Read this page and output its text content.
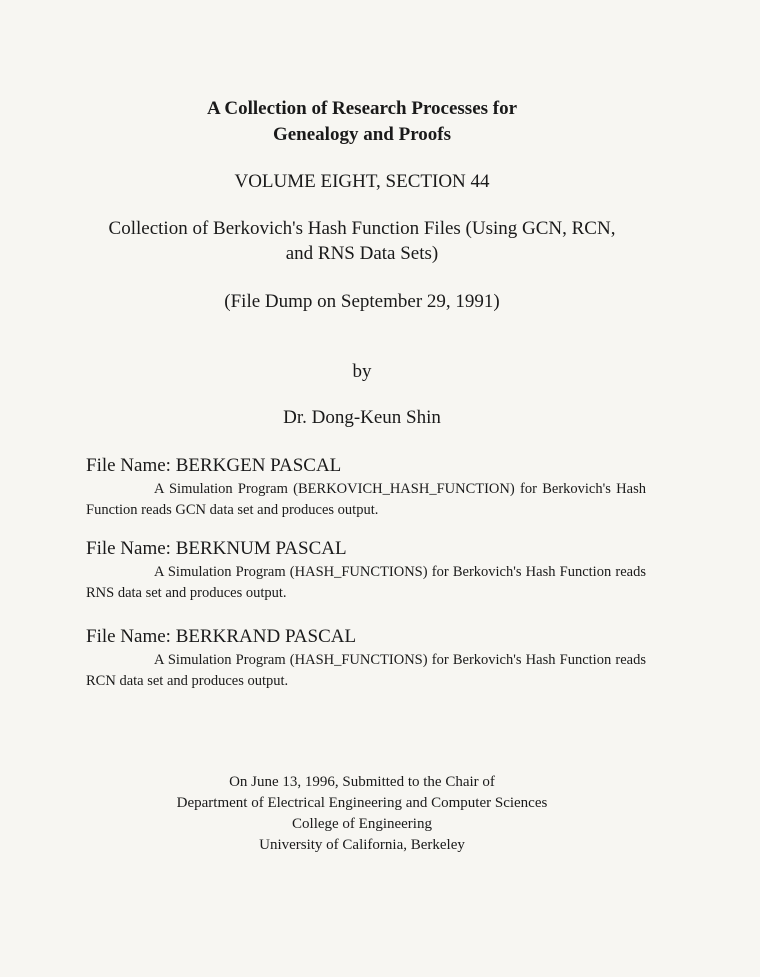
A Collection of Research Processes for
Genealogy and Proofs
VOLUME EIGHT, SECTION 44
Collection of Berkovich's Hash Function Files (Using GCN, RCN,
and RNS Data Sets)
(File Dump on September 29, 1991)
by
Dr. Dong-Keun Shin

File Name: BERKGEN PASCAL

A Simulation Program (BERKOVICH_HASH_FUNCTION) for Berkovich's Hash Function reads GCN data set and produces output.

File Name: BERKNUM PASCAL

A Simulation Program (HASH_FUNCTIONS) for Berkovich's Hash Function reads RNS data set and produces output.

File Name: BERKRAND PASCAL

A Simulation Program (HASH_FUNCTIONS) for Berkovich's Hash Function reads RCN data set and produces output.

On June 13, 1996, Submitted to the Chair of
Department of Electrical Engineering and Computer Sciences
College of Engineering
University of California, Berkeley
